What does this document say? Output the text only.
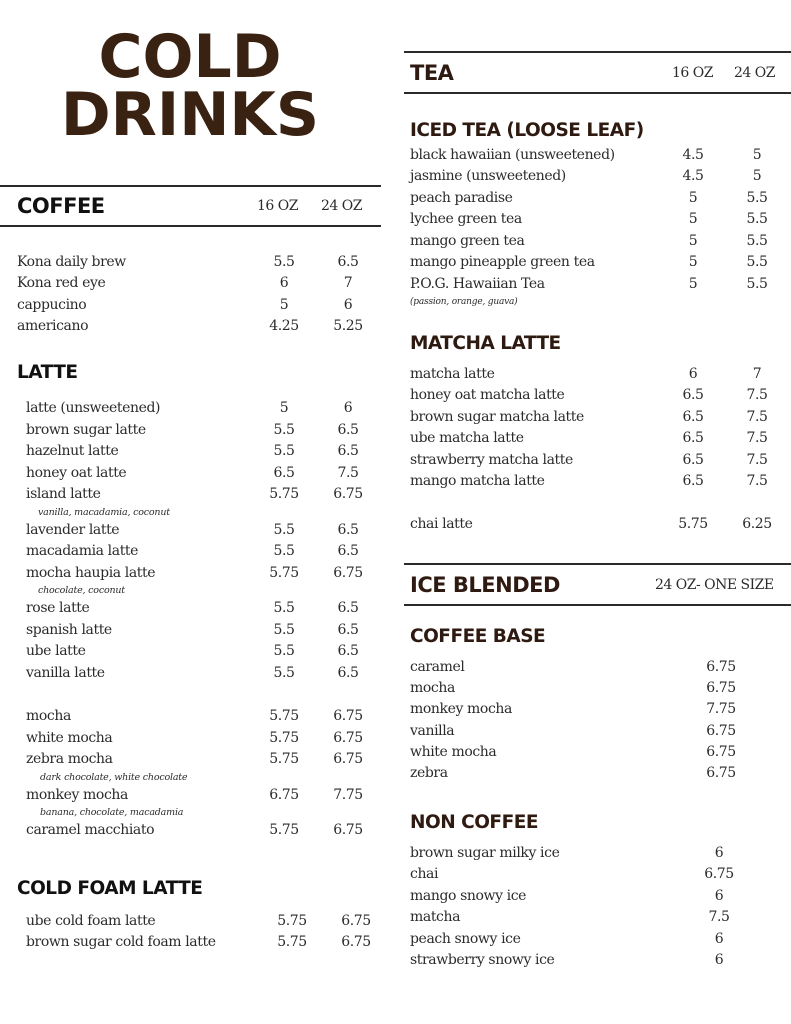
COLD
DRINKS
COFFEE	16 OZ 24 OZ
Kona daily brew	5.5	6.5
Kona red eye	6	7
cappucino	5	6
americano	4.25	5.25
LATTE
latte (unsweetened)	5	6
brown sugar latte	5.5	6.5
hazelnut latte	5.5	6.5
honey oat latte	6.5	7.5
island latte	5.75	6.75
vanilla, macadamia, coconut
lavender latte	5.5	6.5
macadamia latte	5.5	6.5
mocha haupia latte	5.75	6.75
chocolate, coconut
rose latte	5.5	6.5
spanish latte	5.5	6.5
ube latte	5.5	6.5
vanilla latte	5.5	6.5
mocha	5.75	6.75
white mocha	5.75	6.75
zebra mocha	5.75	6.75
dark chocolate, white chocolate
monkey mocha	6.75	7.75
banana, chocolate, macadamia
caramel macchiato	5.75	6.75
COLD FOAM LATTE
ube cold foam latte	5.75	6.75
brown sugar cold foam latte	5.75	6.75
TEA	16 OZ 24 OZ
ICED TEA (LOOSE LEAF)
black hawaiian (unsweetened)	4.5	5
jasmine (unsweetened)	4.5	5
peach paradise	5	5.5
lychee green tea	5	5.5
mango green tea	5	5.5
mango pineapple green tea	5	5.5
P.O.G. Hawaiian Tea	5	5.5
(passion, orange, guava)
MATCHA LATTE
matcha latte	6	7
honey oat matcha latte	6.5	7.5
brown sugar matcha latte	6.5	7.5
ube matcha latte	6.5	7.5
strawberry matcha latte	6.5	7.5
mango matcha latte	6.5	7.5
chai latte	5.75	6.25
ICE BLENDED	24 OZ- ONE SIZE
COFFEE BASE
caramel	6.75
mocha	6.75
monkey mocha	7.75
vanilla	6.75
white mocha	6.75
zebra	6.75
NON COFFEE
brown sugar milky ice	6
chai	6.75
mango snowy ice	6
matcha	7.5
peach snowy ice	6
strawberry snowy ice	6
